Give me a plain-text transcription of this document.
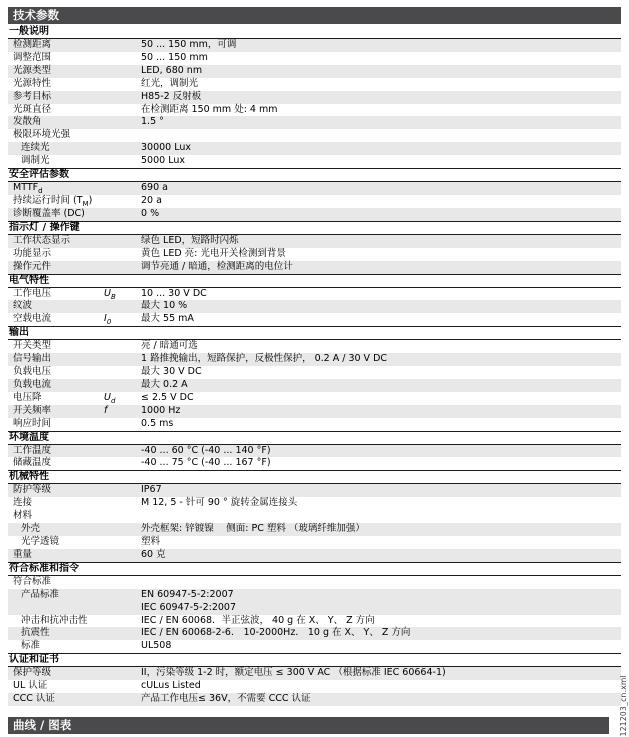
技术参数
一般说明
检测距离	50 ... 150 mm，可调
调整范围	50 ... 150 mm
光源类型	LED, 680 nm
光源特性	红光，调制光
参考目标	H85-2 反射板
光斑直径	在检测距离 150 mm 处: 4 mm
发散角	1.5 °
极限环境光强
连续光	30000 Lux
调制光	5000 Lux
安全评估参数
$MTTF_d$	690 a
持续运行时间 $(T_M)$	20 a
诊断覆盖率 (DC)	0 %
指示灯 / 操作键
工作状态显示	绿色 LED，短路时闪烁
功能显示	黄色 LED 亮: 光电开关检测到背景
操作元件	调节亮通 / 暗通，检测距离的电位计
电气特性
工作电压	$U_B$	10 ... 30 V DC
纹波	最大 10 %
空载电流	$I_0$	最大 55 mA
输出
开关类型	亮 / 暗通可选
信号输出	1 路推挽输出，短路保护，反极性保护， 0.2 A / 30 V DC
负载电压	最大 30 V DC
负载电流	最大 0.2 A
电压降	$U_d$	≤ 2.5 V DC
开关频率	f	1000 Hz
响应时间	0.5 ms
环境温度
工作温度	-40 ... 60 °C (-40 ... 140 °F)
储藏温度	-40 ... 75 °C (-40 ... 167 °F)
机械特性
防护等级	IP67
连接	M 12, 5 - 针可 90 ° 旋转金属连接头
材料
外壳	外壳框架: 锌镀镍　 侧面: PC 塑料 （玻璃纤维加强）
光学透镜	塑料
重量	60 克
符合标准和指令
符合标准
产品标准	EN 60947-5-2:2007
IEC 60947-5-2:2007
冲击和抗冲击性	IEC / EN 60068．半正弦波， 40 g 在 X、 Y、 Z 方向
抗震性	IEC / EN 60068-2-6． 10-2000Hz． 10 g 在 X、 Y、 Z 方向
标准	UL508
认证和证书
保护等级	II，污染等级 1-2 时，额定电压 ≤ 300 V AC （根据标准 IEC 60664-1)
UL 认证	cULus Listed
CCC 认证	产品工作电压≤ 36V，不需要 CCC 认证
曲线 / 图表	121203_cn.xml
